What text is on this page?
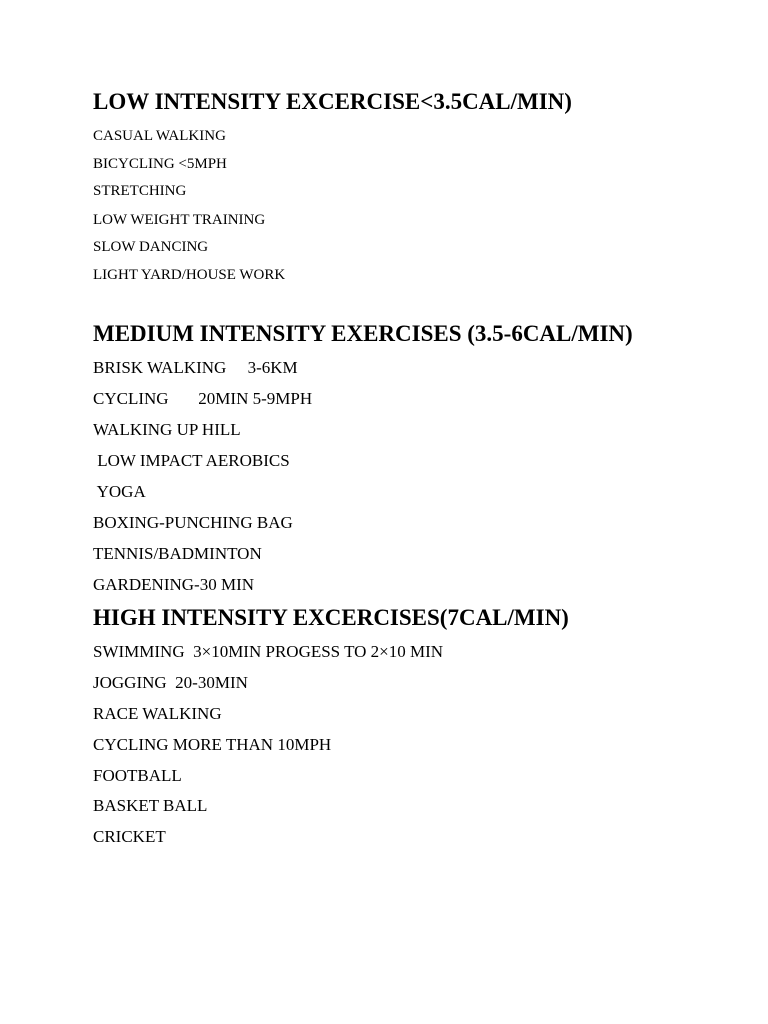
LOW INTENSITY EXCERCISE<3.5CAL/MIN)

CASUAL WALKING

BICYCLING <5MPH

STRETCHING

LOW WEIGHT TRAINING

SLOW DANCING

LIGHT YARD/HOUSE WORK

MEDIUM INTENSITY EXERCISES (3.5-6CAL/MIN)

BRISK WALKING     3-6KM

CYCLING       20MIN 5-9MPH

WALKING UP HILL

LOW IMPACT AEROBICS

YOGA

BOXING-PUNCHING BAG

TENNIS/BADMINTON

GARDENING-30 MIN

HIGH INTENSITY EXCERCISES(7CAL/MIN)

SWIMMING  3×10MIN PROGESS TO 2×10 MIN

JOGGING  20-30MIN

RACE WALKING

CYCLING MORE THAN 10MPH

FOOTBALL

BASKET BALL

CRICKET
